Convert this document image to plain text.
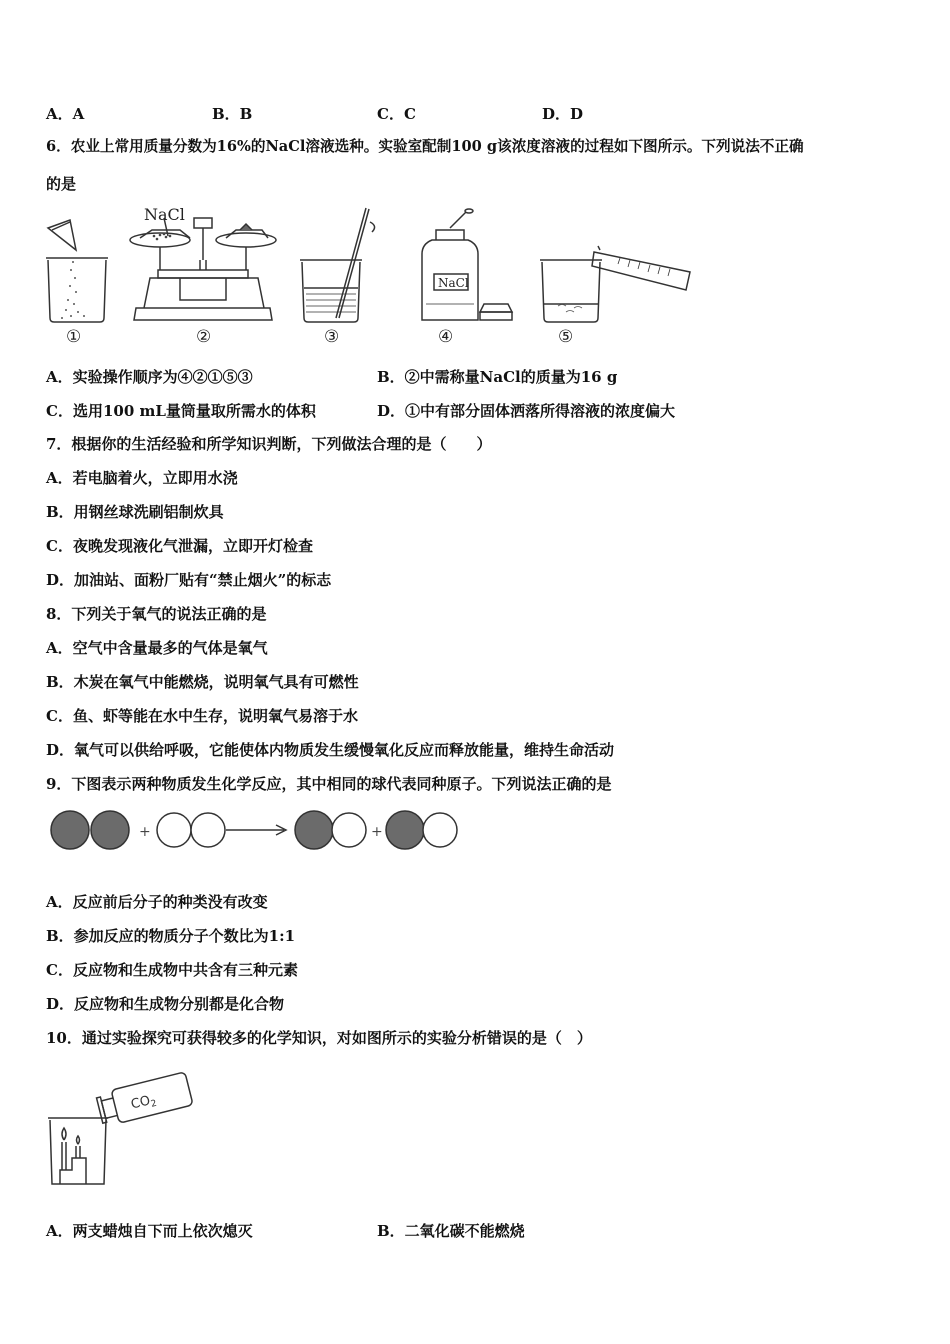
A．A	B．B	C．C	D．D
6．农业上常用质量分数为16%的NaCl溶液选种。实验室配制100 g该浓度溶液的过程如下图所示。下列说法不正确
的是
NaCl
NaCl
①	②	③	④	⑤
A．实验操作顺序为④②①⑤③	B．②中需称量NaCl的质量为16 g
C．选用100 mL量筒量取所需水的体积	D．①中有部分固体洒落所得溶液的浓度偏大
7．根据你的生活经验和所学知识判断，下列做法合理的是（　　）
A．若电脑着火，立即用水浇
B．用钢丝球洗刷铝制炊具
C．夜晚发现液化气泄漏，立即开灯检查
D．加油站、面粉厂贴有“禁止烟火”的标志
8．下列关于氧气的说法正确的是
A．空气中含量最多的气体是氧气
B．木炭在氧气中能燃烧，说明氧气具有可燃性
C．鱼、虾等能在水中生存，说明氧气易溶于水
D．氧气可以供给呼吸，它能使体内物质发生缓慢氧化反应而释放能量，维持生命活动
9．下图表示两种物质发生化学反应，其中相同的球代表同种原子。下列说法正确的是
+	+
A．反应前后分子的种类没有改变
B．参加反应的物质分子个数比为1:1
C．反应物和生成物中共含有三种元素
D．反应物和生成物分别都是化合物
10．通过实验探究可获得较多的化学知识，对如图所示的实验分析错误的是（　）
$CO_2$
A．两支蜡烛自下而上依次熄灭	B．二氧化碳不能燃烧
